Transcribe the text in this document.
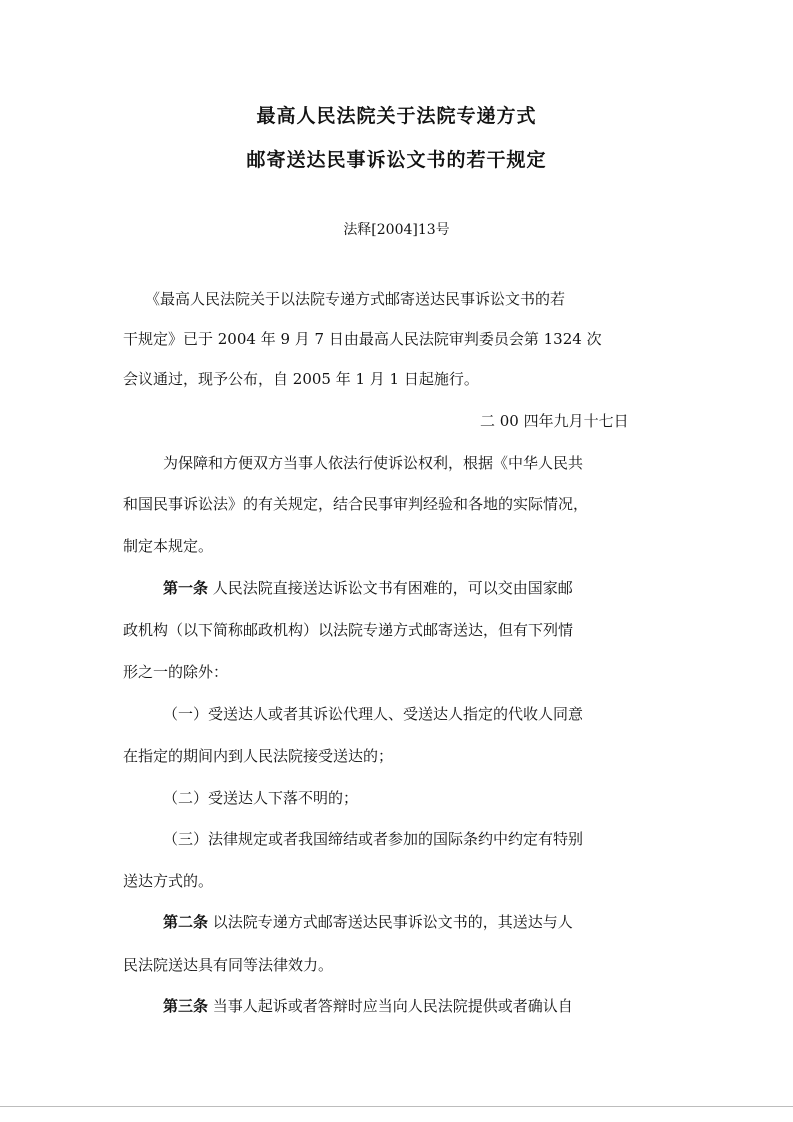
最高人民法院关于法院专递方式
邮寄送达民事诉讼文书的若干规定
法释[2004]13号
《最高人民法院关于以法院专递方式邮寄送达民事诉讼文书的若
干规定》已于 2004 年 9 月 7 日由最高人民法院审判委员会第 1324 次
会议通过，现予公布，自 2005 年 1 月 1 日起施行。
二 00 四年九月十七日
为保障和方便双方当事人依法行使诉讼权利，根据《中华人民共
和国民事诉讼法》的有关规定，结合民事审判经验和各地的实际情况，
制定本规定。
第一条 人民法院直接送达诉讼文书有困难的，可以交由国家邮
政机构（以下简称邮政机构）以法院专递方式邮寄送达，但有下列情
形之一的除外：
（一）受送达人或者其诉讼代理人、受送达人指定的代收人同意
在指定的期间内到人民法院接受送达的；
（二）受送达人下落不明的；
（三）法律规定或者我国缔结或者参加的国际条约中约定有特别
送达方式的。
第二条 以法院专递方式邮寄送达民事诉讼文书的，其送达与人
民法院送达具有同等法律效力。
第三条 当事人起诉或者答辩时应当向人民法院提供或者确认自
